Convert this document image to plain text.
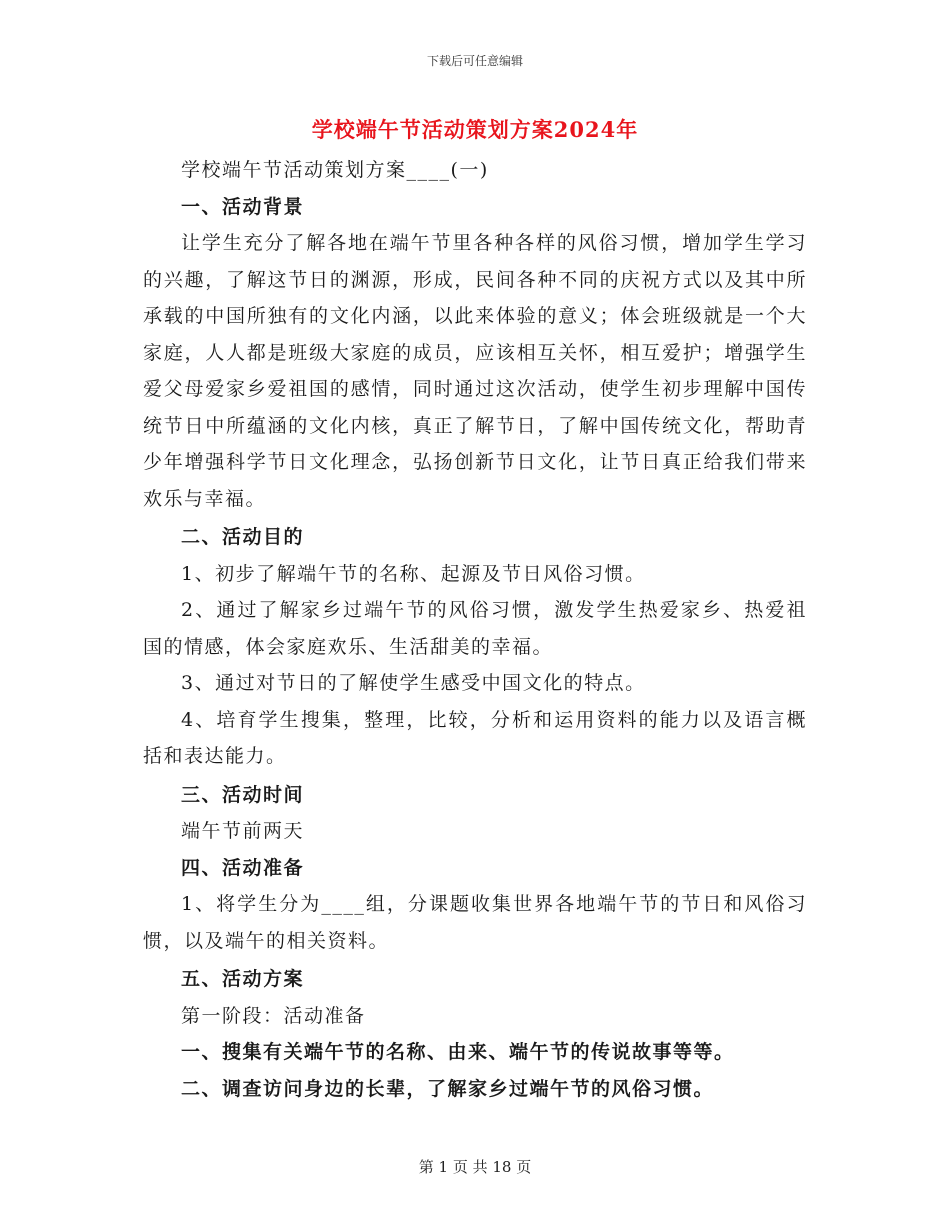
下载后可任意编辑
学校端午节活动策划方案2024年

学校端午节活动策划方案____(一)

一、活动背景

让学生充分了解各地在端午节里各种各样的风俗习惯，增加学生学习的兴趣，了解这节日的渊源，形成，民间各种不同的庆祝方式以及其中所承载的中国所独有的文化内涵，以此来体验的意义；体会班级就是一个大家庭，人人都是班级大家庭的成员，应该相互关怀，相互爱护；增强学生爱父母爱家乡爱祖国的感情，同时通过这次活动，使学生初步理解中国传统节日中所蕴涵的文化内核，真正了解节日，了解中国传统文化，帮助青少年增强科学节日文化理念，弘扬创新节日文化，让节日真正给我们带来欢乐与幸福。

二、活动目的

1、初步了解端午节的名称、起源及节日风俗习惯。

2、通过了解家乡过端午节的风俗习惯，激发学生热爱家乡、热爱祖国的情感，体会家庭欢乐、生活甜美的幸福。

3、通过对节日的了解使学生感受中国文化的特点。

4、培育学生搜集，整理，比较，分析和运用资料的能力以及语言概括和表达能力。

三、活动时间

端午节前两天

四、活动准备

1、将学生分为____组，分课题收集世界各地端午节的节日和风俗习惯，以及端午的相关资料。

五、活动方案

第一阶段：活动准备

一、搜集有关端午节的名称、由来、端午节的传说故事等等。

二、调查访问身边的长辈，了解家乡过端午节的风俗习惯。

第 1 页 共 18 页
